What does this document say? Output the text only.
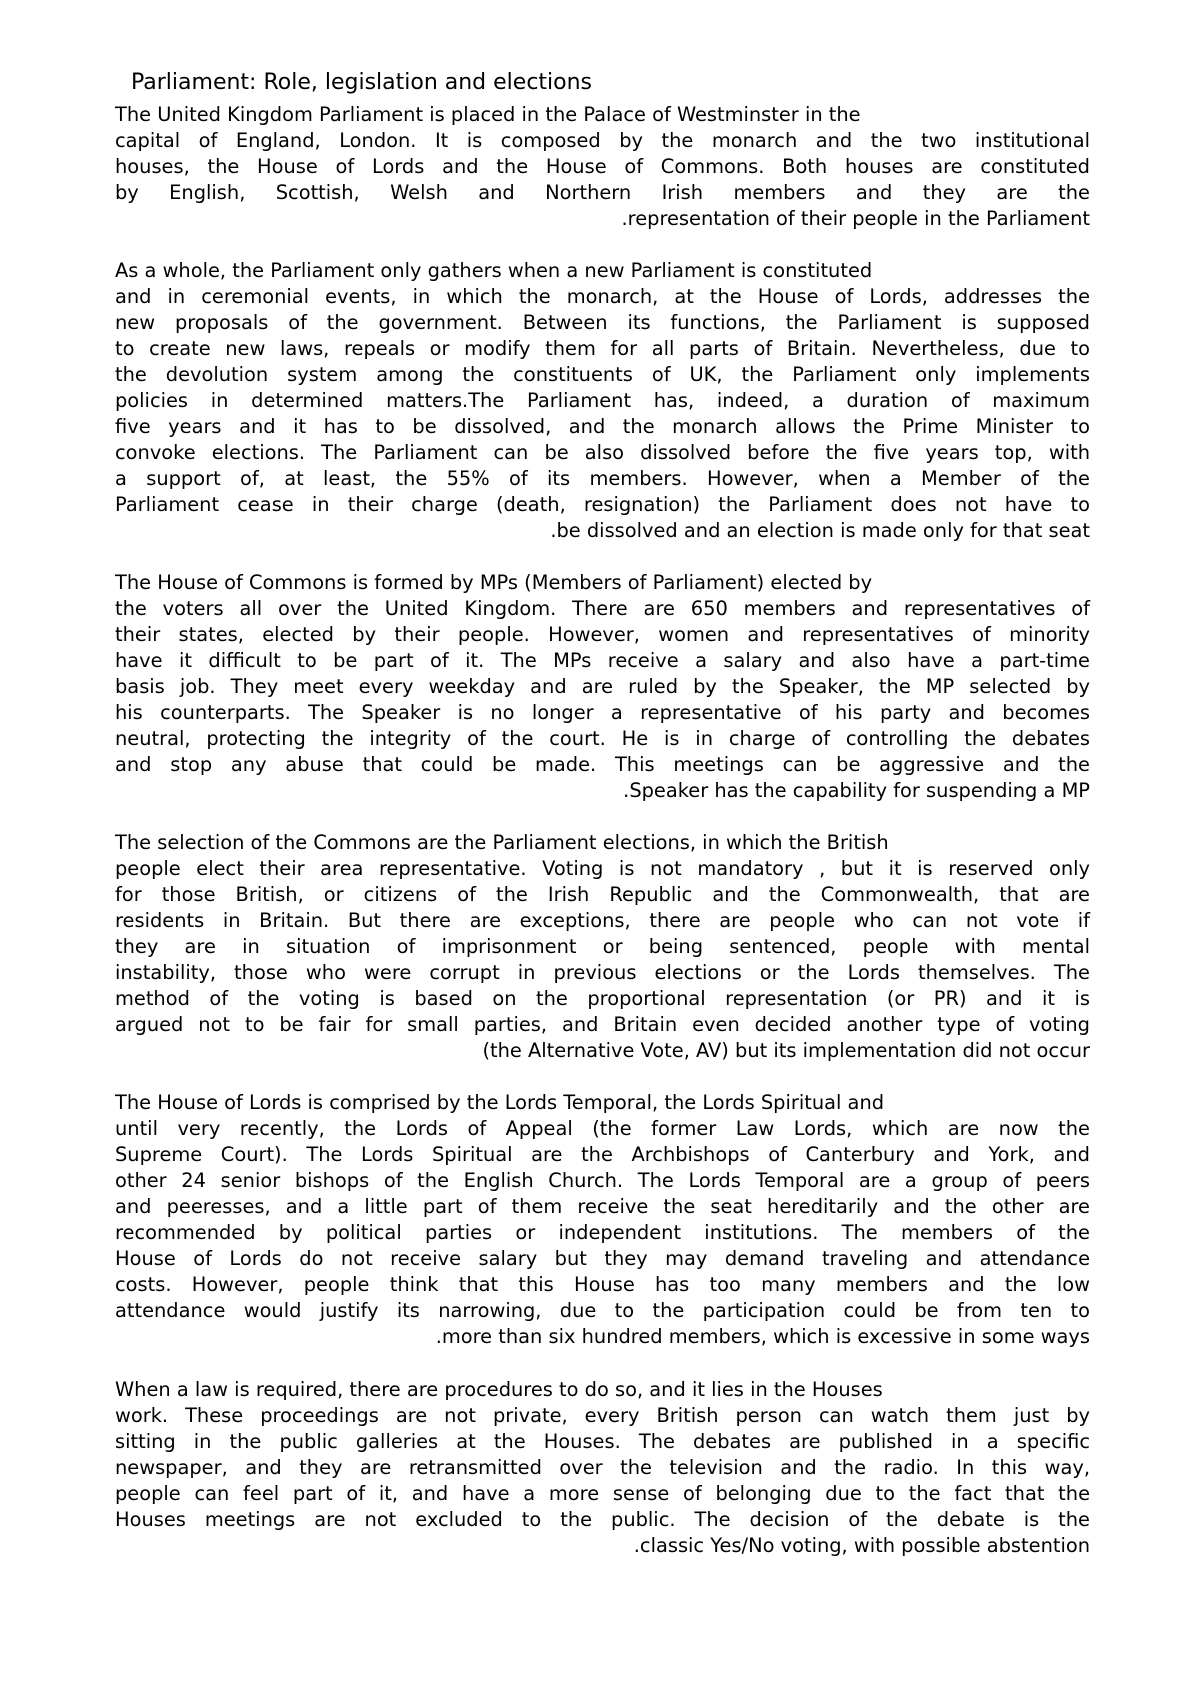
Parliament: Role, legislation and elections
The United Kingdom Parliament is placed in the Palace of Westminster in the
capital of England, London. It is composed by the monarch and the two institutional
houses, the House of Lords and the House of Commons. Both houses are constituted
by English, Scottish, Welsh and Northern Irish members and they are the
.representation of their people in the Parliament
As a whole, the Parliament only gathers when a new Parliament is constituted
and in ceremonial events, in which the monarch, at the House of Lords, addresses the
new proposals of the government. Between its functions, the Parliament is supposed
to create new laws, repeals or modify them for all parts of Britain. Nevertheless, due to
the devolution system among the constituents of UK, the Parliament only implements
policies in determined matters.The Parliament has, indeed, a duration of maximum
five years and it has to be dissolved, and the monarch allows the Prime Minister to
convoke elections. The Parliament can be also dissolved before the five years top, with
a support of, at least, the 55% of its members. However, when a Member of the
Parliament cease in their charge (death, resignation) the Parliament does not have to
.be dissolved and an election is made only for that seat
The House of Commons is formed by MPs (Members of Parliament) elected by
the voters all over the United Kingdom. There are 650 members and representatives of
their states, elected by their people. However, women and representatives of minority
have it difficult to be part of it. The MPs receive a salary and also have a part-time
basis job. They meet every weekday and are ruled by the Speaker, the MP selected by
his counterparts. The Speaker is no longer a representative of his party and becomes
neutral, protecting the integrity of the court. He is in charge of controlling the debates
and stop any abuse that could be made. This meetings can be aggressive and the
.Speaker has the capability for suspending a MP
The selection of the Commons are the Parliament elections, in which the British
people elect their area representative. Voting is not mandatory , but it is reserved only
for those British, or citizens of the Irish Republic and the Commonwealth, that are
residents in Britain. But there are exceptions, there are people who can not vote if
they are in situation of imprisonment or being sentenced, people with mental
instability, those who were corrupt in previous elections or the Lords themselves. The
method of the voting is based on the proportional representation (or PR) and it is
argued not to be fair for small parties, and Britain even decided another type of voting
(the Alternative Vote, AV) but its implementation did not occur
The House of Lords is comprised by the Lords Temporal, the Lords Spiritual and
until very recently, the Lords of Appeal (the former Law Lords, which are now the
Supreme Court). The Lords Spiritual are the Archbishops of Canterbury and York, and
other 24 senior bishops of the English Church. The Lords Temporal are a group of peers
and peeresses, and a little part of them receive the seat hereditarily and the other are
recommended by political parties or independent institutions. The members of the
House of Lords do not receive salary but they may demand traveling and attendance
costs. However, people think that this House has too many members and the low
attendance would justify its narrowing, due to the participation could be from ten to
.more than six hundred members, which is excessive in some ways
When a law is required, there are procedures to do so, and it lies in the Houses
work. These proceedings are not private, every British person can watch them just by
sitting in the public galleries at the Houses. The debates are published in a specific
newspaper, and they are retransmitted over the television and the radio. In this way,
people can feel part of it, and have a more sense of belonging due to the fact that the
Houses meetings are not excluded to the public. The decision of the debate is the
.classic Yes/No voting, with possible abstention
